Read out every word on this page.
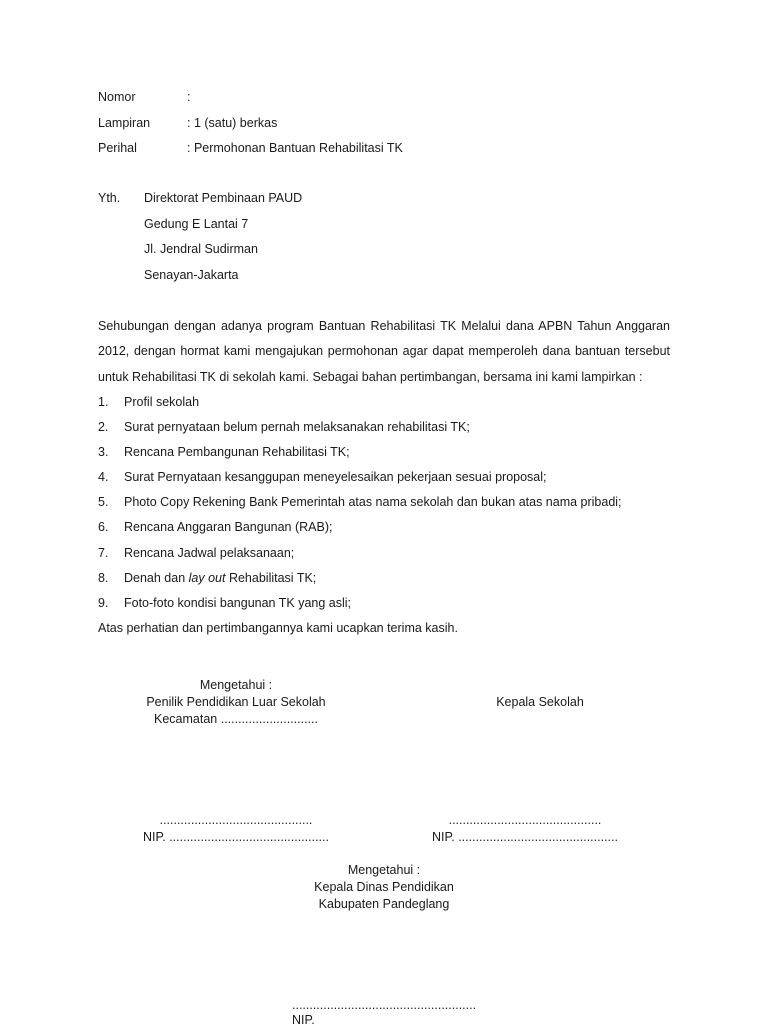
Nomor	:
Lampiran	: 1 (satu) berkas
Perihal	: Permohonan Bantuan Rehabilitasi TK
Yth. Direktorat Pembinaan PAUD
Gedung E Lantai 7
Jl. Jendral Sudirman
Senayan-Jakarta
Sehubungan dengan adanya program Bantuan Rehabilitasi TK Melalui dana APBN Tahun Anggaran
2012, dengan hormat kami mengajukan permohonan agar dapat memperoleh dana bantuan tersebut
untuk Rehabilitasi TK di sekolah kami. Sebagai bahan pertimbangan, bersama ini kami lampirkan :
1. Profil sekolah
2. Surat pernyataan belum pernah melaksanakan rehabilitasi TK;
3. Rencana Pembangunan Rehabilitasi TK;
4. Surat Pernyataan kesanggupan meneyelesaikan pekerjaan sesuai proposal;
5. Photo Copy Rekening Bank Pemerintah atas nama sekolah dan bukan atas nama pribadi;
6. Rencana Anggaran Bangunan (RAB);
7. Rencana Jadwal pelaksanaan;
8. Denah dan lay out Rehabilitasi TK;
9. Foto-foto kondisi bangunan TK yang asli;
Atas perhatian dan pertimbangannya kami ucapkan terima kasih.
Mengetahui :
Penilik Pendidikan Luar Sekolah
Kecamatan ............................
Kepala Sekolah
............................................
NIP. ..............................................
............................................
NIP. ..............................................
Mengetahui :
Kepala Dinas Pendidikan
Kabupaten Pandeglang
.....................................................
NIP.
